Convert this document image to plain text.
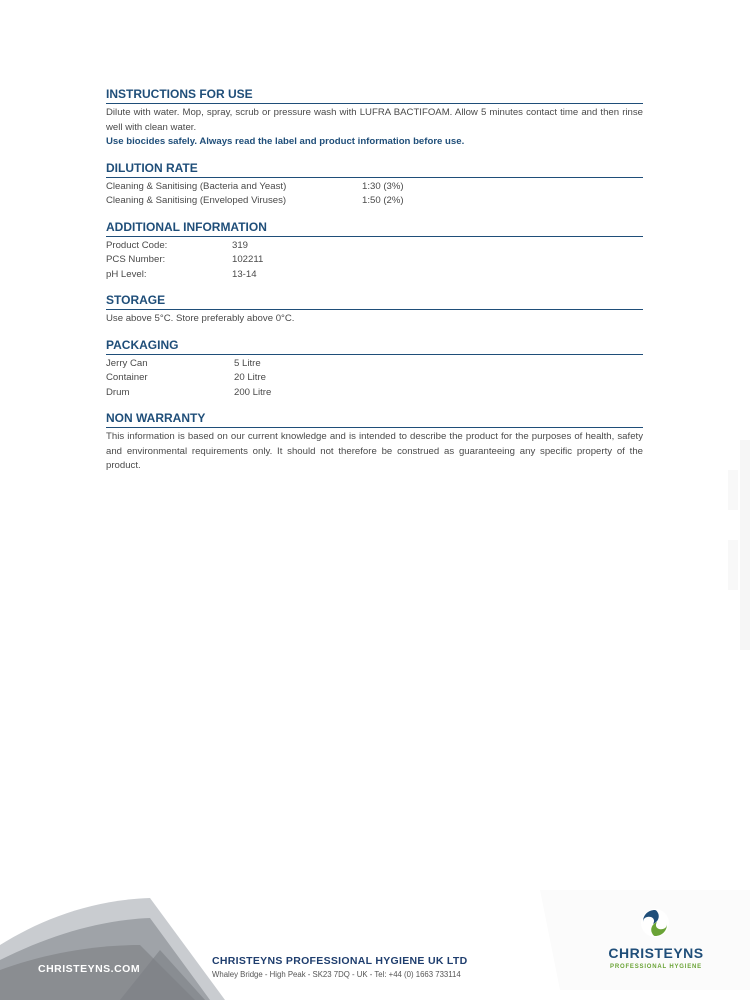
INSTRUCTIONS FOR USE
Dilute with water. Mop, spray, scrub or pressure wash with LUFRA BACTIFOAM. Allow 5 minutes contact time and then rinse well with clean water.
Use biocides safely. Always read the label and product information before use.
DILUTION RATE
Cleaning & Sanitising (Bacteria and Yeast)	1:30 (3%)
Cleaning & Sanitising (Enveloped Viruses)	1:50 (2%)
ADDITIONAL INFORMATION
Product Code:	319
PCS Number:	102211
pH Level:	13-14
STORAGE
Use above 5°C. Store preferably above 0°C.
PACKAGING
Jerry Can	5 Litre
Container	20 Litre
Drum	200 Litre
NON WARRANTY
This information is based on our current knowledge and is intended to describe the product for the purposes of health, safety and environmental requirements only. It should not therefore be construed as guaranteeing any specific property of the product.
CHRISTEYNS.COM
CHRISTEYNS PROFESSIONAL HYGIENE UK LTD
Whaley Bridge - High Peak - SK23 7DQ - UK - Tel: +44 (0) 1663 733114
CHRISTEYNS
PROFESSIONAL HYGIENE
